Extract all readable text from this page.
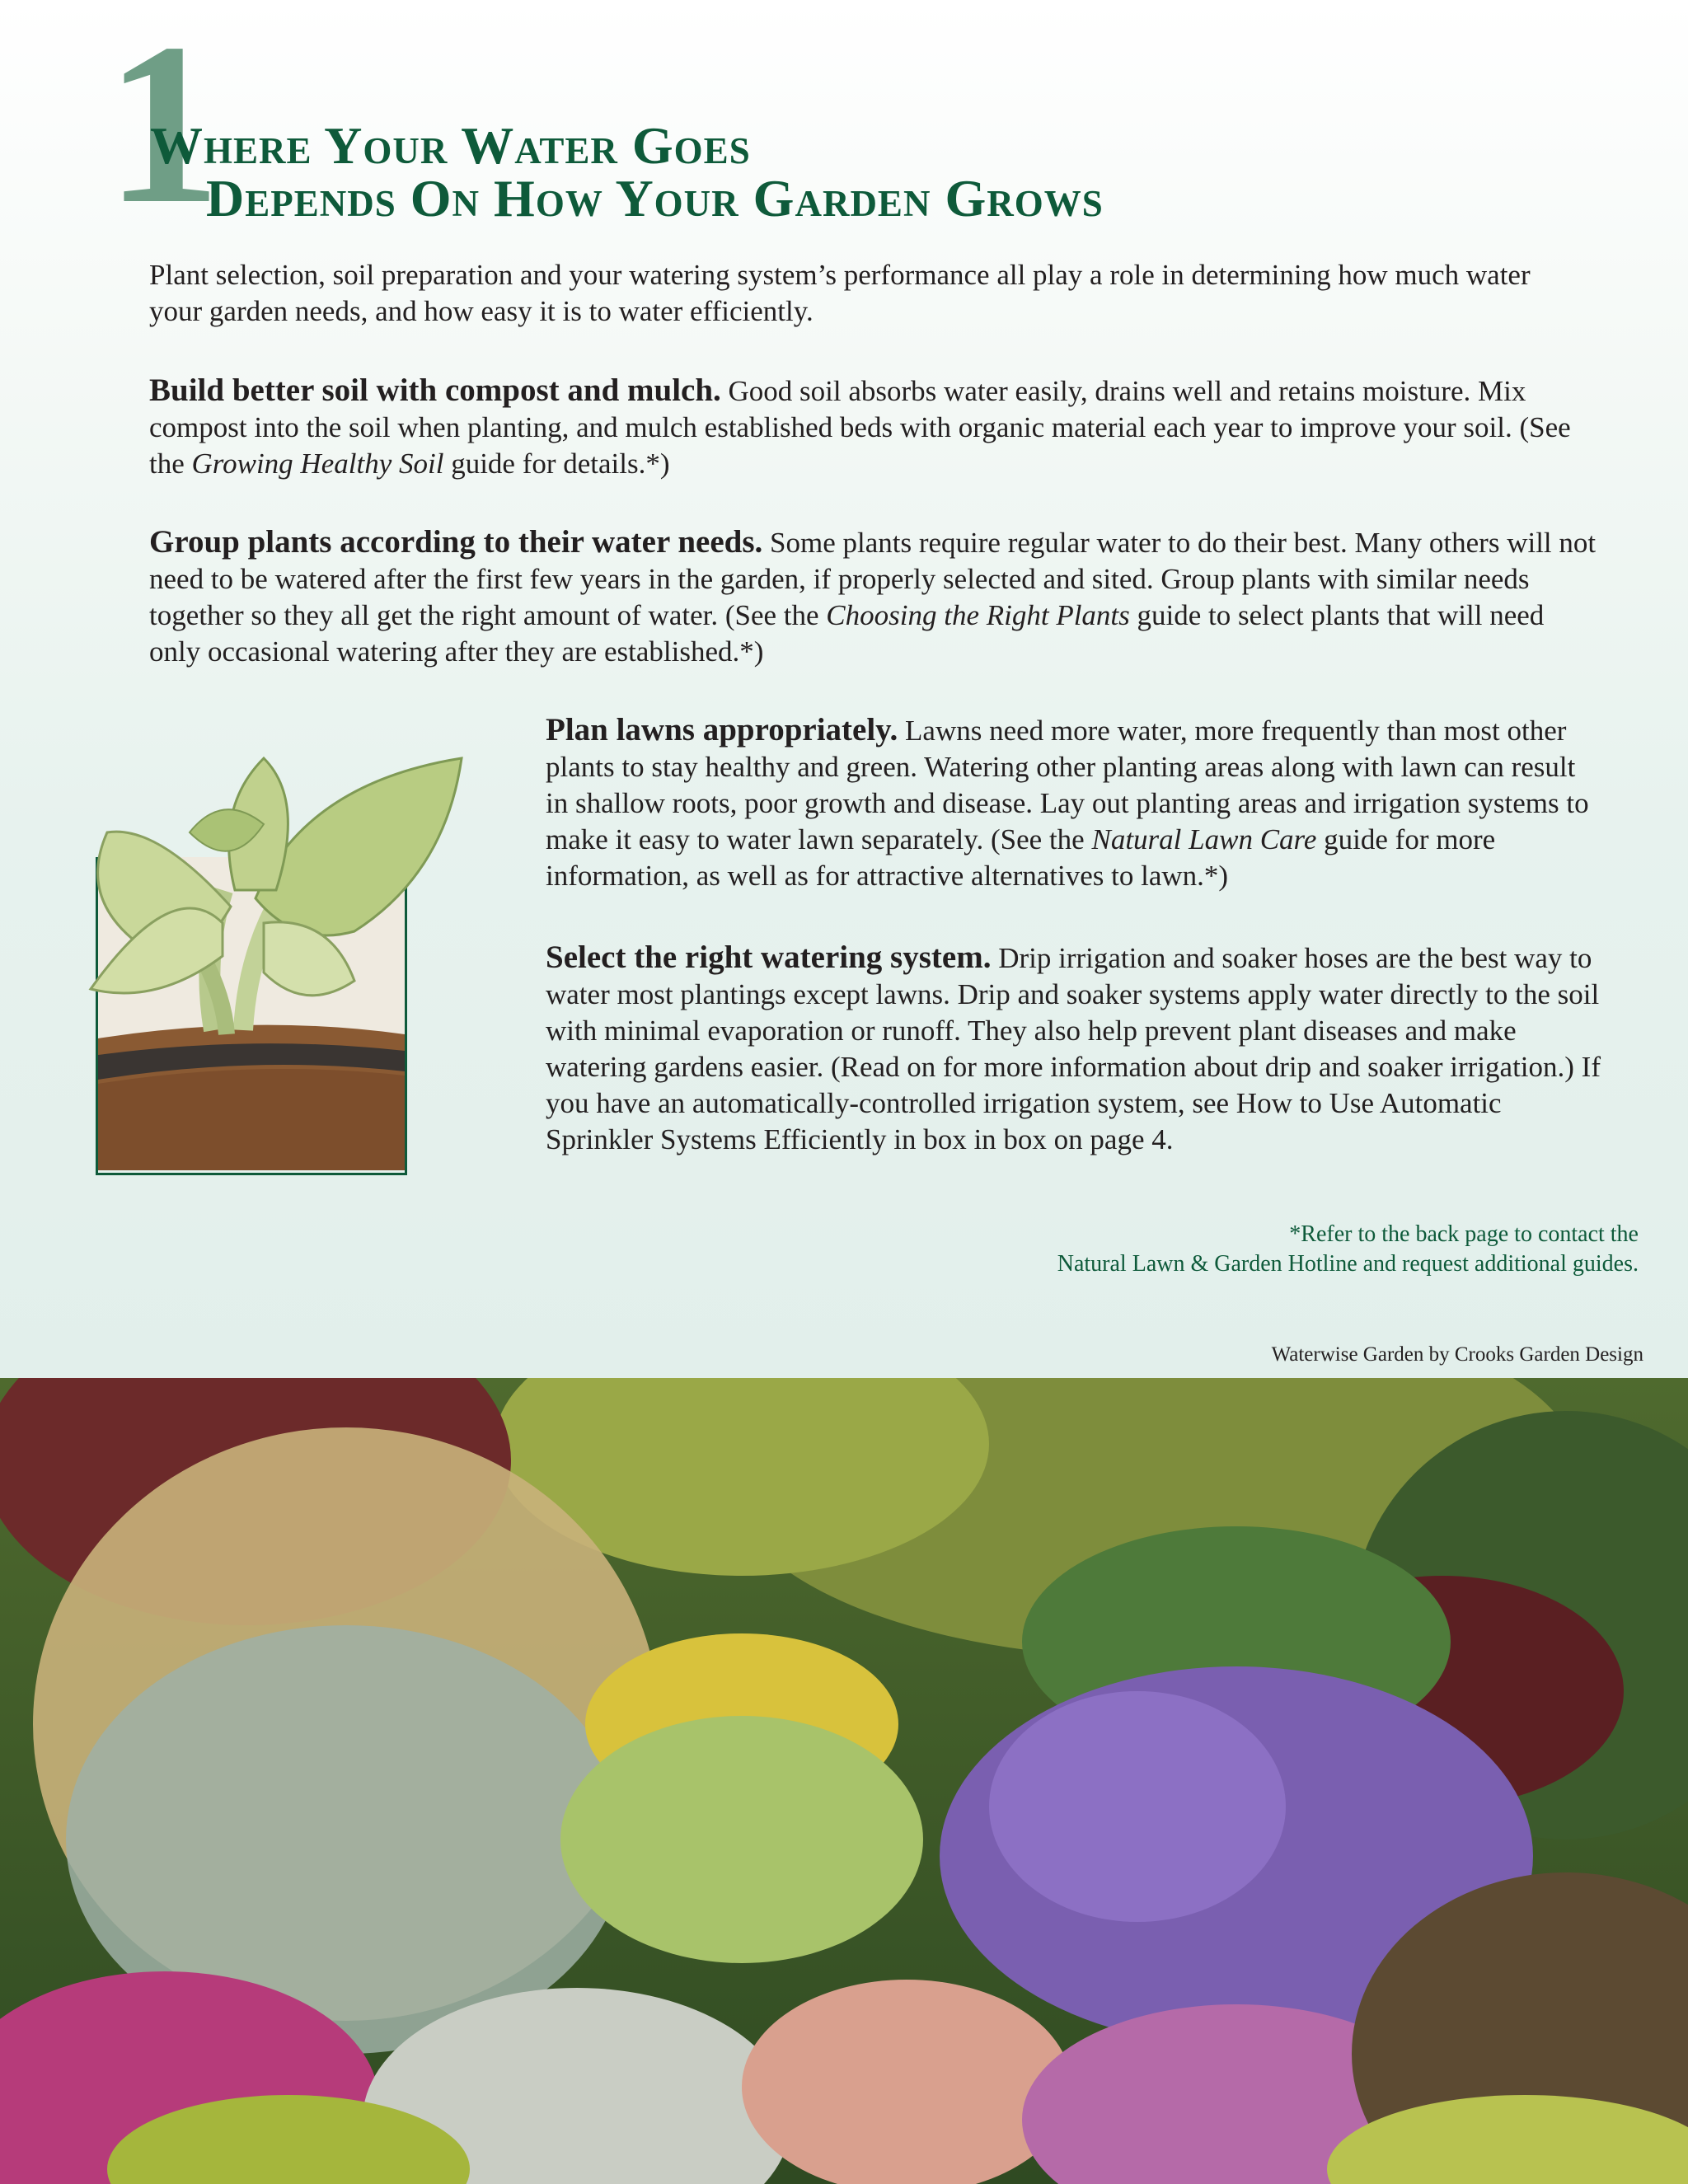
1
Where Your Water Goes
Depends On How Your Garden Grows
Plant selection, soil preparation and your watering system’s performance all play a role in determining how much water your garden needs, and how easy it is to water efficiently.
Build better soil with compost and mulch. Good soil absorbs water easily, drains well and retains moisture. Mix compost into the soil when planting, and mulch established beds with organic material each year to improve your soil. (See the Growing Healthy Soil guide for details.*)
Group plants according to their water needs. Some plants require regular water to do their best. Many others will not need to be watered after the first few years in the garden, if properly selected and sited. Group plants with similar needs together so they all get the right amount of water. (See the Choosing the Right Plants guide to select plants that will need only occasional watering after they are established.*)
Plan lawns appropriately. Lawns need more water, more frequently than most other plants to stay healthy and green. Watering other planting areas along with lawn can result in shallow roots, poor growth and disease. Lay out planting areas and irrigation systems to make it easy to water lawn separately. (See the Natural Lawn Care guide for more information, as well as for attractive alternatives to lawn.*)
Select the right watering system. Drip irrigation and soaker hoses are the best way to water most plantings except lawns. Drip and soaker systems apply water directly to the soil with minimal evaporation or runoff. They also help prevent plant diseases and make watering gardens easier. (Read on for more information about drip and soaker irrigation.) If you have an automatically-controlled irrigation system, see How to Use Automatic Sprinkler Systems Efficiently in box in box on page 4.
*Refer to the back page to contact the
Natural Lawn & Garden Hotline and request additional guides.
Waterwise Garden by Crooks Garden Design
